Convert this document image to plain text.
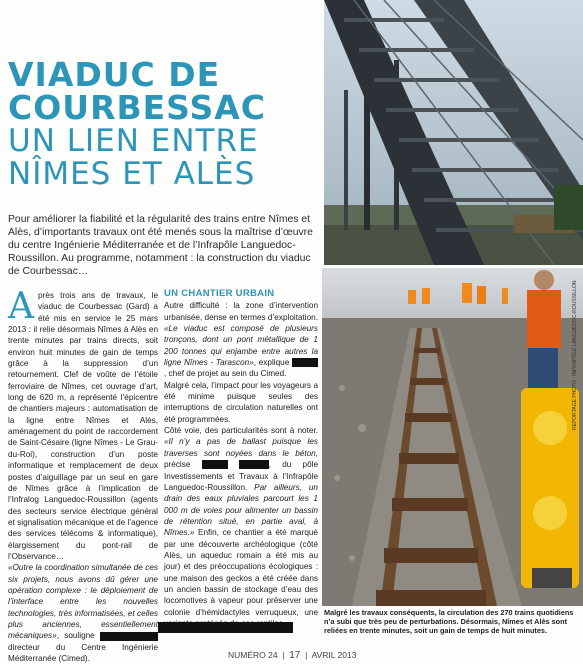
VIADUC DE
COURBESSAC
UN LIEN ENTRE
NÎMES ET ALÈS
Pour améliorer la fiabilité et la régularité des trains entre Nîmes et Alès, d’importants travaux ont été menés sous la maîtrise d’œuvre du centre Ingénierie Méditerranée et de l’Infrapôle Languedoc-Roussillon. Au programme, notamment : la construction du viaduc de Courbessac…
A près trois ans de travaux, le viaduc de Courbessac (Gard) a été mis en service le 25 mars 2013 : il relie désormais Nîmes à Alès en trente minutes par trains directs, soit environ huit minutes de gain de temps grâce à la suppression d’un retournement. Clef de voûte de l’étoile ferroviaire de Nîmes, cet ouvrage d’art, long de 620 m, a représenté l’épicentre de chantiers majeurs : automatisation de la ligne entre Nîmes et Alès, aménagement du point de raccordement de Saint-Césaire (ligne Nîmes - Le Grau-du-Roi), construction d’un poste informatique et remplacement de deux postes d’aiguillage par un seul en gare de Nîmes grâce à l’implication de l’Infralog Languedoc-Roussillon (agents des secteurs service électrique général et signalisation mécanique et de l’agence des services télécoms & informatique), élargissement du pont-rail de l’Observance…

«Outre la coordination simultanée de ces six projets, nous avons dû gérer une opération complexe : le déploiement de l’interface entre les nouvelles technologies, très informatisées, et celles plus anciennes, essentiellement mécaniques», souligne  directeur du Centre Ingénierie Méditerranée (Cimed).

UN CHANTIER URBAIN

Autre difficulté : la zone d’intervention urbanisée, dense en termes d’exploitation. «Le viaduc est composé de plusieurs tronçons, dont un pont métallique de 1 200 tonnes qui enjambe entre autres la ligne Nîmes - Tarascon», explique , chef de projet au sein du Cimed.

Malgré cela, l’impact pour les voyageurs a été minime puisque seules des interruptions de circulation naturelles ont été programmées.

Côté voie, des particularités sont à noter. «Il n’y a pas de ballast puisque les traverses sont noyées dans le béton, précise	, du pôle Investissements et Travaux à l’Infrapôle Languedoc-Roussillon. Par ailleurs, un drain des eaux pluviales parcourt les 1 000 m de voies pour alimenter un bassin de rétention situé, en partie aval, à Nîmes.» Enfin, ce chantier a été marqué par une découverte archéologique (côté Alès, un aqueduc romain a été mis au jour) et des préoccupations écologiques : une maison des geckos a été créée dans un ancien bassin de stockage d’eau des locomotives à vapeur pour préserver une colonie d’hémidactyles verruqueux, une Malgré les travaux conséquents, la circulation des 270 trains quotidiens n’a subi que très peu de perturbations. Désormais, Nîmes et Alès sont reliées en trente minutes, soit un gain de temps de huit minutes.
REPORTAGE PHOTO : INFRAPÔLE LANGUEDOC-ROUSSILLON
NUMÉRO 24  |  17  |  AVRIL 2013
